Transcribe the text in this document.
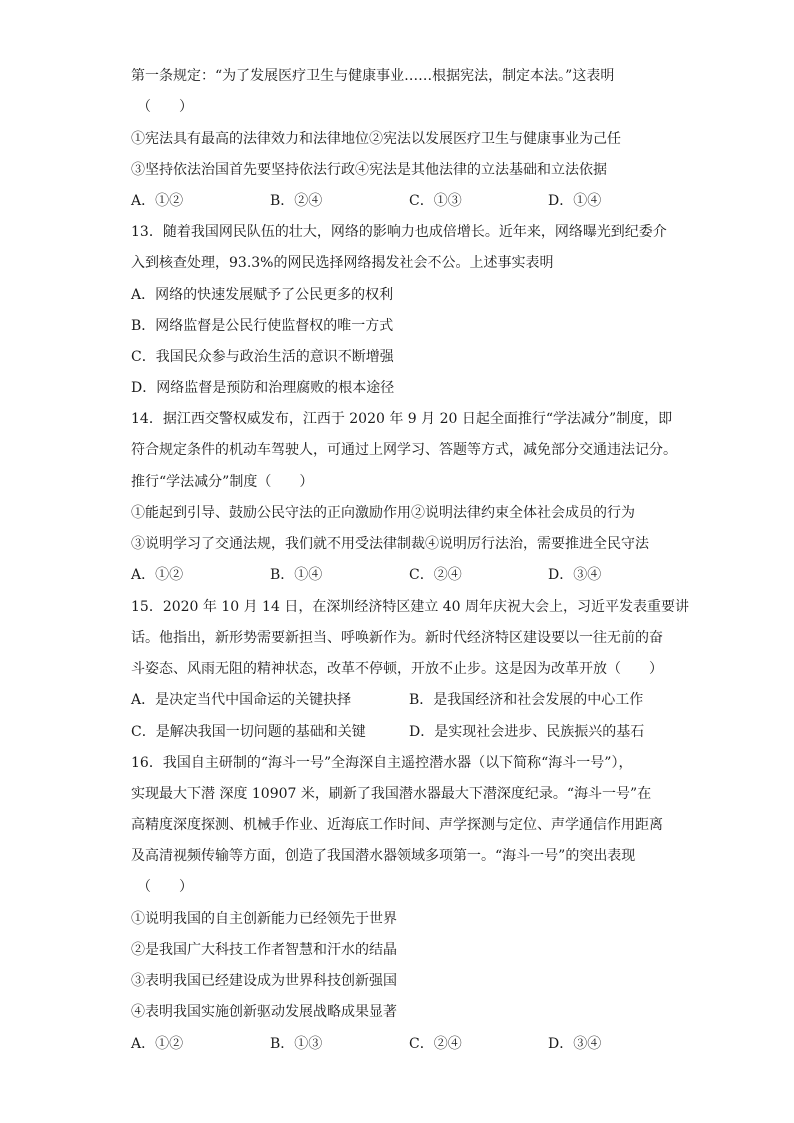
第一条规定：“为了发展医疗卫生与健康事业……根据宪法，制定本法。”这表明
（　　）
①宪法具有最高的法律效力和法律地位②宪法以发展医疗卫生与健康事业为己任
③坚持依法治国首先要坚持依法行政④宪法是其他法律的立法基础和立法依据
A．①②	B．②④	C．①③	D．①④
13．随着我国网民队伍的壮大，网络的影响力也成倍增长。近年来，网络曝光到纪委介
入到核查处理，93.3%的网民选择网络揭发社会不公。上述事实表明
A．网络的快速发展赋予了公民更多的权利
B．网络监督是公民行使监督权的唯一方式
C．我国民众参与政治生活的意识不断增强
D．网络监督是预防和治理腐败的根本途径
14．据江西交警权威发布，江西于 2020 年 9 月 20 日起全面推行“学法减分”制度，即
符合规定条件的机动车驾驶人，可通过上网学习、答题等方式，减免部分交通违法记分。
推行“学法减分”制度（　　）
①能起到引导、鼓励公民守法的正向激励作用②说明法律约束全体社会成员的行为
③说明学习了交通法规，我们就不用受法律制裁④说明厉行法治，需要推进全民守法
A．①②	B．①④	C．②④	D．③④
15．2020 年 10 月 14 日，在深圳经济特区建立 40 周年庆祝大会上，习近平发表重要讲
话。他指出，新形势需要新担当、呼唤新作为。新时代经济特区建设要以一往无前的奋
斗姿态、风雨无阻的精神状态，改革不停顿，开放不止步。这是因为改革开放（　　）
A．是决定当代中国命运的关键抉择	B．是我国经济和社会发展的中心工作
C．是解决我国一切问题的基础和关键	D．是实现社会进步、民族振兴的基石
16．我国自主研制的“海斗一号”全海深自主遥控潜水器（以下简称“海斗一号”），
实现最大下潜 深度 10907 米，刷新了我国潜水器最大下潜深度纪录。“海斗一号”在
高精度深度探测、机械手作业、近海底工作时间、声学探测与定位、声学通信作用距离
及高清视频传输等方面，创造了我国潜水器领域多项第一。“海斗一号”的突出表现
（　　）
①说明我国的自主创新能力已经领先于世界
②是我国广大科技工作者智慧和汗水的结晶
③表明我国已经建设成为世界科技创新强国
④表明我国实施创新驱动发展战略成果显著
A．①②	B．①③	C．②④	D．③④
